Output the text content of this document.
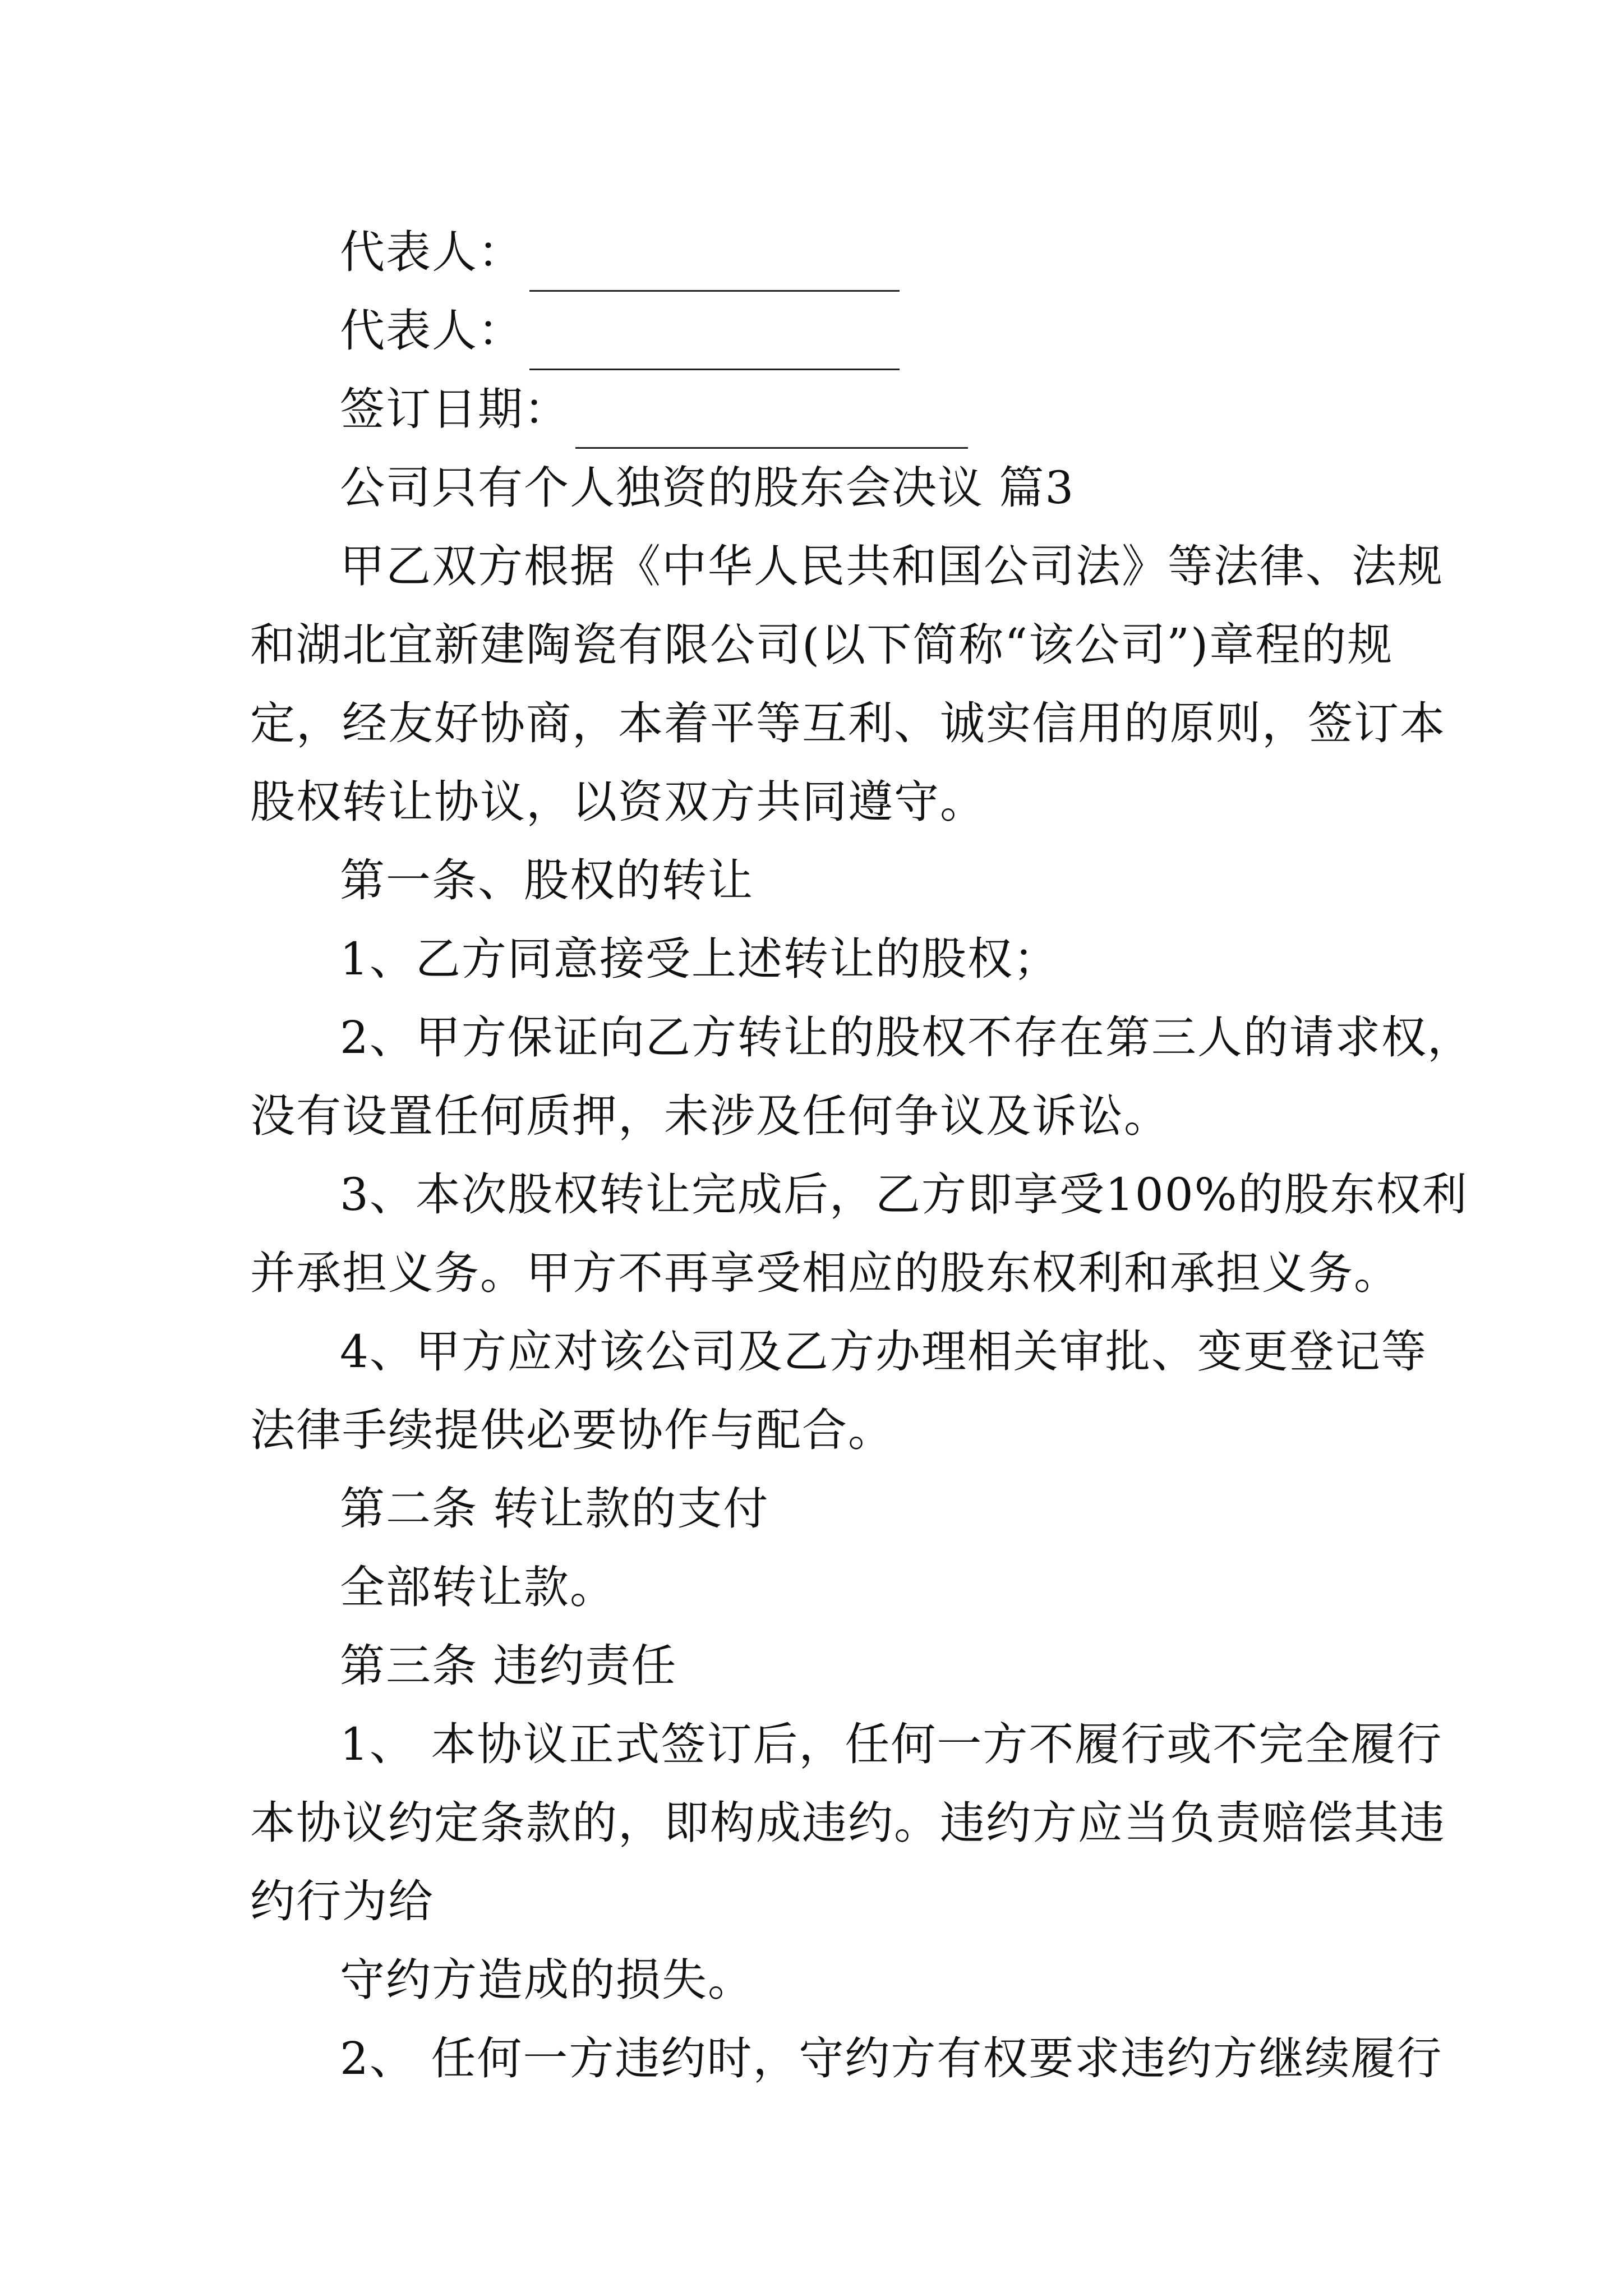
代表人：
代表人：
签订日期：
公司只有个人独资的股东会决议 篇3
甲乙双方根据《中华人民共和国公司法》等法律、法规
和湖北宜新建陶瓷有限公司(以下简称“该公司”)章程的规
定，经友好协商，本着平等互利、诚实信用的原则，签订本
股权转让协议，以资双方共同遵守。
第一条、股权的转让
1、乙方同意接受上述转让的股权；
2、甲方保证向乙方转让的股权不存在第三人的请求权，
没有设置任何质押，未涉及任何争议及诉讼。
3、本次股权转让完成后，乙方即享受100%的股东权利
并承担义务。甲方不再享受相应的股东权利和承担义务。
4、甲方应对该公司及乙方办理相关审批、变更登记等
法律手续提供必要协作与配合。
第二条 转让款的支付
全部转让款。
第三条 违约责任
1、 本协议正式签订后，任何一方不履行或不完全履行
本协议约定条款的，即构成违约。违约方应当负责赔偿其违
约行为给
守约方造成的损失。
2、 任何一方违约时，守约方有权要求违约方继续履行
